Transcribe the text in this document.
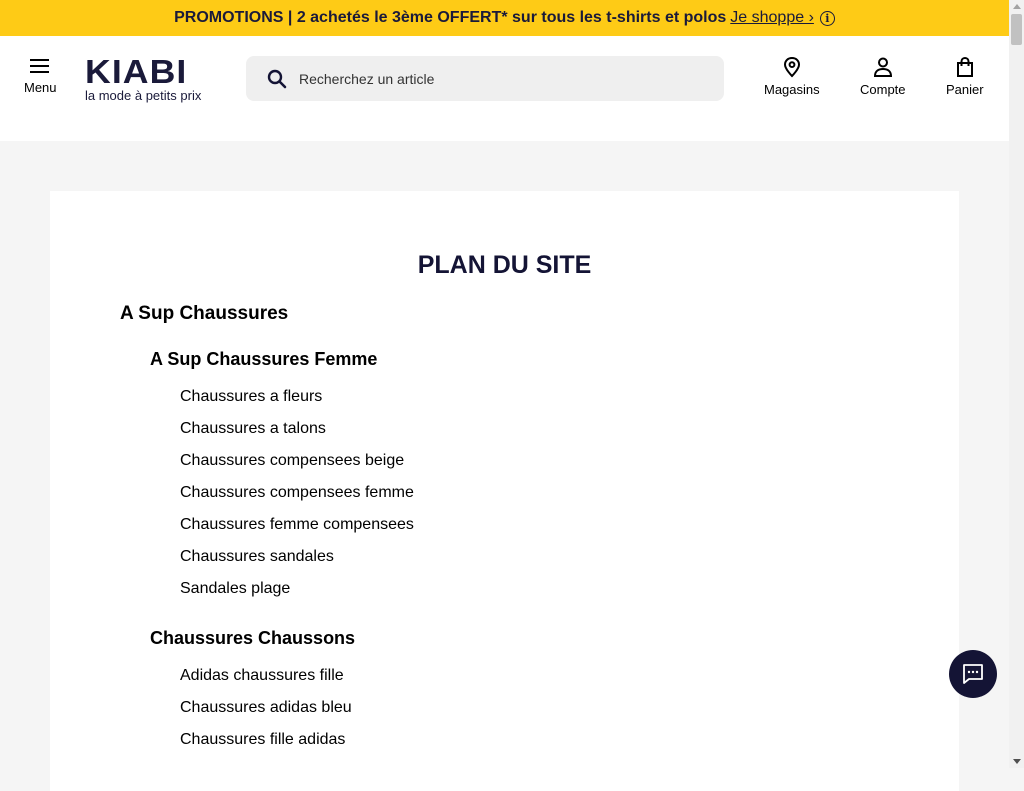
PROMOTIONS | 2 achetés le 3ème OFFERT* sur tous les t-shirts et polos Je shoppe ›	i
Menu KIABI
la mode à petits prix
Recherchez un article	Magasins	Compte	Panier
PLAN DU SITE
A Sup Chaussures
A Sup Chaussures Femme
Chaussures a fleurs
Chaussures a talons
Chaussures compensees beige
Chaussures compensees femme
Chaussures femme compensees
Chaussures sandales
Sandales plage
Chaussures Chaussons
Adidas chaussures fille
Chaussures adidas bleu
Chaussures fille adidas
